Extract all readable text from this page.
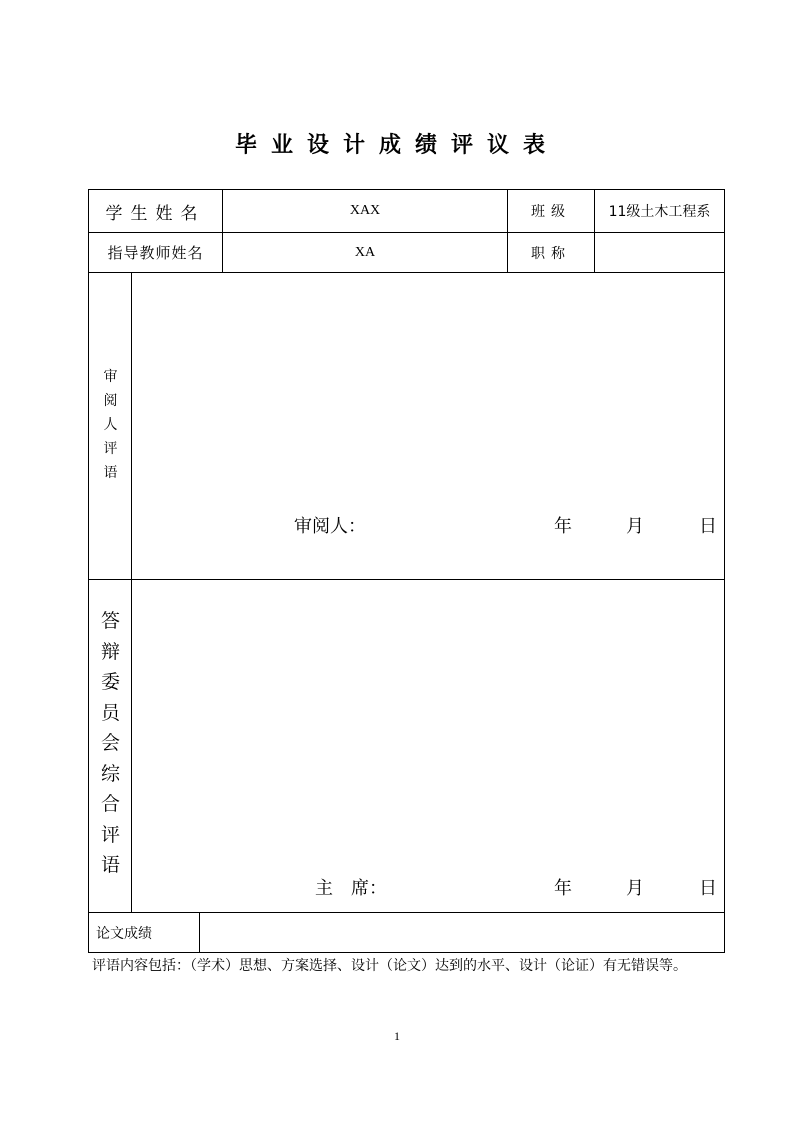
毕业设计成绩评议表
学生姓名	XAX	班级	11级土木工程系
指导教师姓名	XA	职称
审
阅
人
评
语
审阅人：	年	月	日
答
辩
委
员
会
综
合
评
语
主　席：	年	月	日
论文成绩
评语内容包括：（学术）思想、方案选择、设计（论文）达到的水平、设计（论证）有无错误等。
1
